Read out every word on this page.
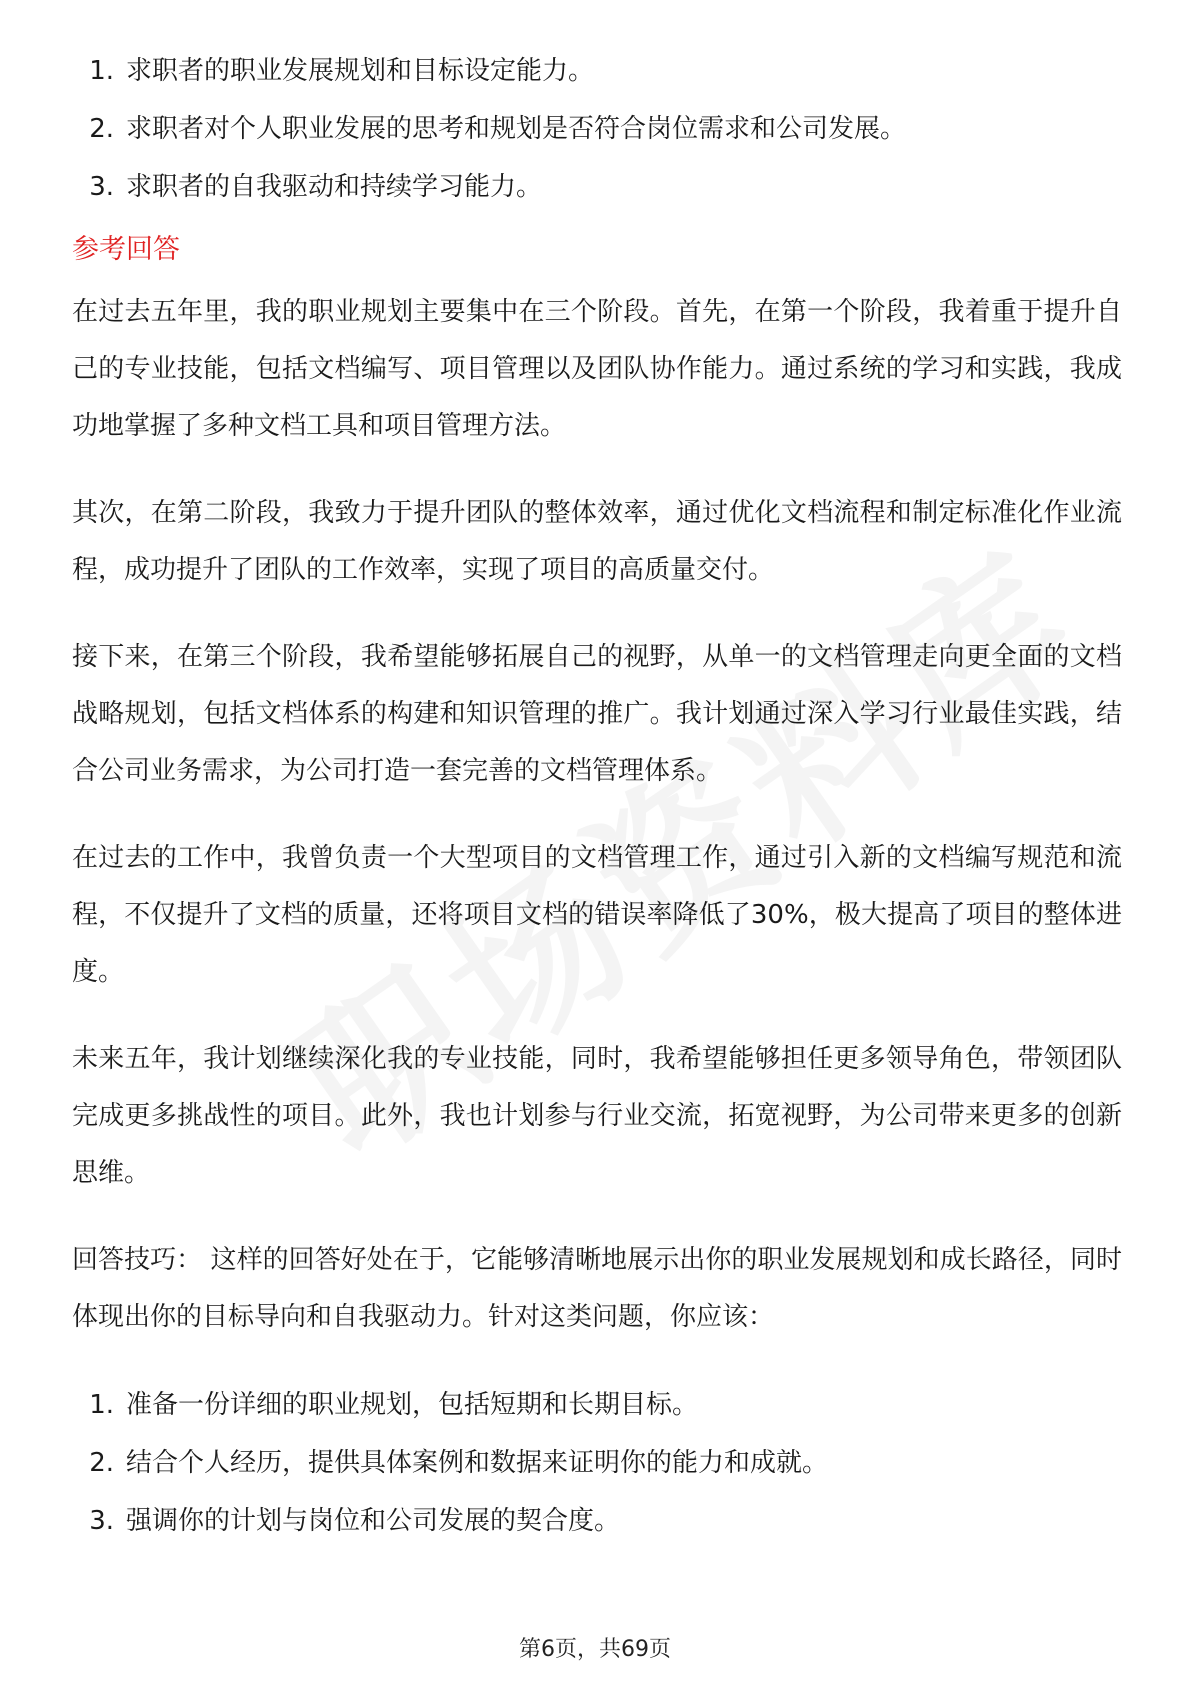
1. 求职者的职业发展规划和目标设定能力。
2. 求职者对个人职业发展的思考和规划是否符合岗位需求和公司发展。
3. 求职者的自我驱动和持续学习能力。
参考回答

在过去五年里，我的职业规划主要集中在三个阶段。首先，在第一个阶段，我着重于提升自己的专业技能，包括文档编写、项目管理以及团队协作能力。通过系统的学习和实践，我成功地掌握了多种文档工具和项目管理方法。

其次，在第二阶段，我致力于提升团队的整体效率，通过优化文档流程和制定标准化作业流程，成功提升了团队的工作效率，实现了项目的高质量交付。

接下来，在第三个阶段，我希望能够拓展自己的视野，从单一的文档管理走向更全面的文档战略规划，包括文档体系的构建和知识管理的推广。我计划通过深入学习行业最佳实践，结合公司业务需求，为公司打造一套完善的文档管理体系。

在过去的工作中，我曾负责一个大型项目的文档管理工作，通过引入新的文档编写规范和流程，不仅提升了文档的质量，还将项目文档的错误率降低了30%，极大提高了项目的整体进度。

未来五年，我计划继续深化我的专业技能，同时，我希望能够担任更多领导角色，带领团队完成更多挑战性的项目。此外，我也计划参与行业交流，拓宽视野，为公司带来更多的创新思维。

回答技巧： 这样的回答好处在于，它能够清晰地展示出你的职业发展规划和成长路径，同时体现出你的目标导向和自我驱动力。针对这类问题，你应该：

1. 准备一份详细的职业规划，包括短期和长期目标。
2. 结合个人经历，提供具体案例和数据来证明你的能力和成就。
3. 强调你的计划与岗位和公司发展的契合度。
第6页，共69页
